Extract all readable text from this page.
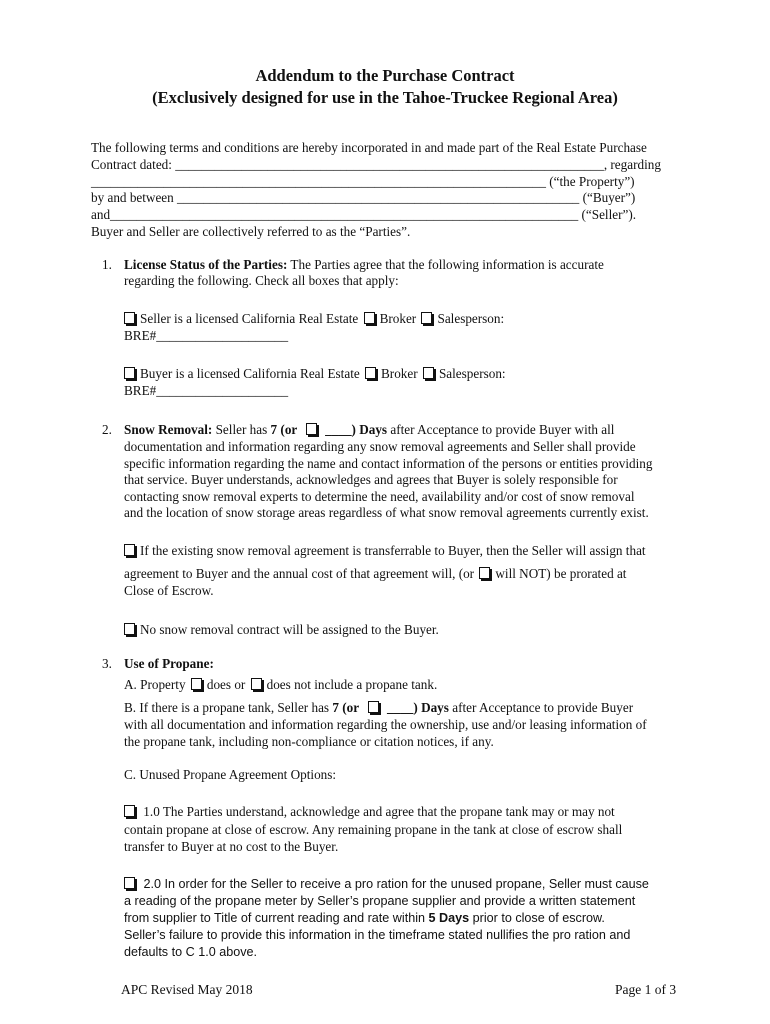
Addendum to the Purchase Contract
(Exclusively designed for use in the Tahoe-Truckee Regional Area)
The following terms and conditions are hereby incorporated in and made part of the Real Estate Purchase
Contract dated: _________________________________________________________________, regarding
_____________________________________________________________________ (“the Property”)
by and between _____________________________________________________________ (“Buyer”)
and_______________________________________________________________________ (“Seller”).
Buyer and Seller are collectively referred to as the “Parties”.
1. License Status of the Parties: The Parties agree that the following information is accurate
regarding the following. Check all boxes that apply:
Seller is a licensed California Real Estate Broker Salesperson:
BRE#____________________
Buyer is a licensed California Real Estate Broker Salesperson:
BRE#____________________
2. Snow Removal: Seller has 7 (or   ____) Days after Acceptance to provide Buyer with all
documentation and information regarding any snow removal agreements and Seller shall provide
specific information regarding the name and contact information of the persons or entities providing
that service. Buyer understands, acknowledges and agrees that Buyer is solely responsible for
contacting snow removal experts to determine the need, availability and/or cost of snow removal
and the location of snow storage areas regardless of what snow removal agreements currently exist.
If the existing snow removal agreement is transferrable to Buyer, then the Seller will assign that
agreement to Buyer and the annual cost of that agreement will, (or will NOT) be prorated at
Close of Escrow.
No snow removal contract will be assigned to the Buyer.
3. Use of Propane:
A. Property does or does not include a propane tank.
B. If there is a propane tank, Seller has 7 (or   ____) Days after Acceptance to provide Buyer
with all documentation and information regarding the ownership, use and/or leasing information of
the propane tank, including non-compliance or citation notices, if any.
C. Unused Propane Agreement Options:
1.0 The Parties understand, acknowledge and agree that the propane tank may or may not
contain propane at close of escrow. Any remaining propane in the tank at close of escrow shall
transfer to Buyer at no cost to the Buyer.
2.0 In order for the Seller to receive a pro ration for the unused propane, Seller must cause
a reading of the propane meter by Seller’s propane supplier and provide a written statement
from supplier to Title of current reading and rate within 5 Days prior to close of escrow.
Seller’s failure to provide this information in the timeframe stated nullifies the pro ration and
defaults to C 1.0 above.
APC Revised May 2018	Page 1 of 3
